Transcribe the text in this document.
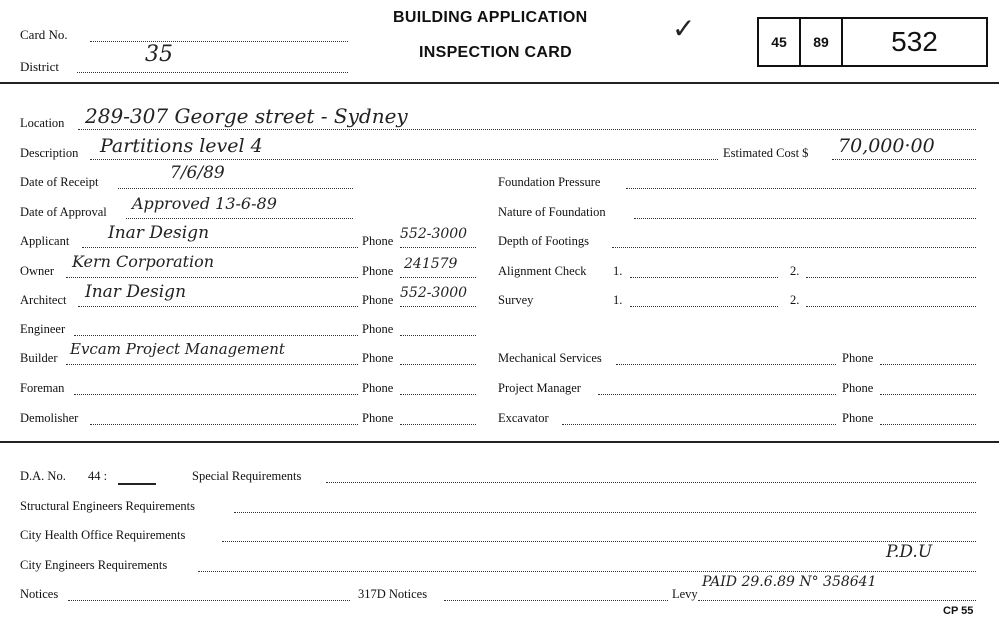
Card No.
District	35
BUILDING APPLICATION
INSPECTION CARD
✓	45	89	532
Location 289-307 George street - Sydney
Description Partitions level 4	Estimated Cost $ 70,000·00
Date of Receipt	7/6/89
Date of Approval Approved 13-6-89
Applicant Inar Design	Phone 552-3000
Owner Kern Corporation	Phone 241579
Architect Inar Design	Phone 552-3000
Engineer	Phone
Builder Evcam Project Management	Phone
Foreman	Phone
Demolisher	Phone
Foundation Pressure
Nature of Foundation
Depth of Footings
Alignment Check 1.	2.
Survey	1.	2.
Mechanical Services	Phone
Project Manager	Phone
Excavator	Phone
D.A. No. 44 :	Special Requirements
Structural Engineers Requirements
City Health Office Requirements
City Engineers Requirements
P.D.U
Notices	317D Notices	Levy
PAID 29.6.89 N° 358641
CP 55
